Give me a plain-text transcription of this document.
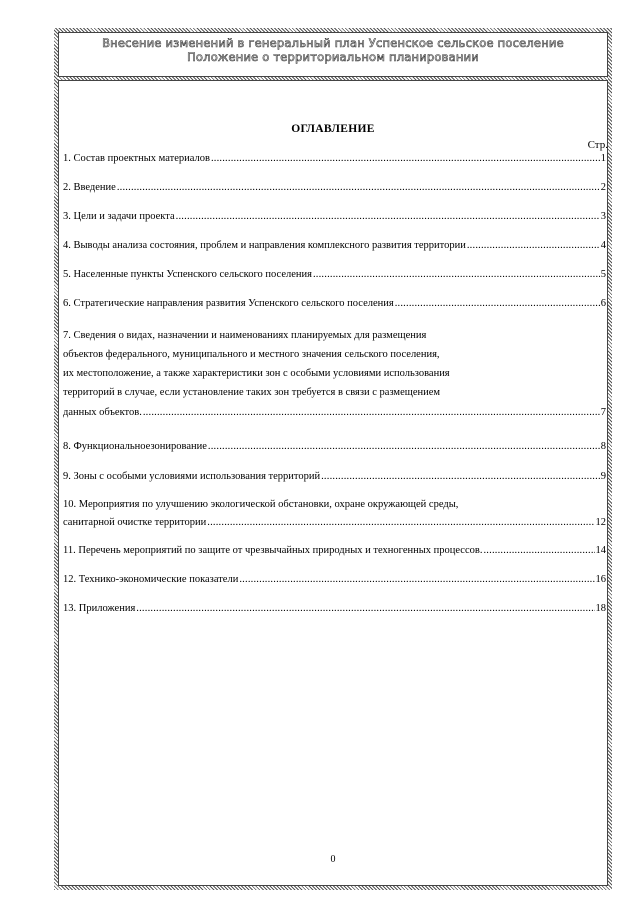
Внесение изменений в генеральный план Успенское сельское поселение
Положение о территориальном планировании
ОГЛАВЛЕНИЕ
Стр.
1. Состав проектных материалов .....	1
2. Введение .....	2
3. Цели и задачи проекта .....	3
4. Выводы анализа состояния, проблем и направления комплексного развития территории .....	4
5. Населенные пункты Успенского сельского поселения .....	5
6. Стратегические направления развития Успенского сельского поселения .....	6
7. Сведения о видах, назначении и наименованиях планируемых для размещения
объектов федерального, муниципального и местного значения сельского поселения,
их местоположение, а также характеристики зон с особыми условиями использования
территорий в случае, если установление таких зон требуется в связи с размещением
данных объектов. .....	7
8. Функциональноезонирование .....	8
9. Зоны с особыми условиями использования территорий .....	9
10. Мероприятия по улучшению экологической обстановки, охране окружающей среды,
санитарной очистке территории .....	12
11. Перечень мероприятий по защите от чрезвычайных природных и техногенных процессов. .....	14
12. Технико-экономические показатели .....	16
13. Приложения .....	18
0
